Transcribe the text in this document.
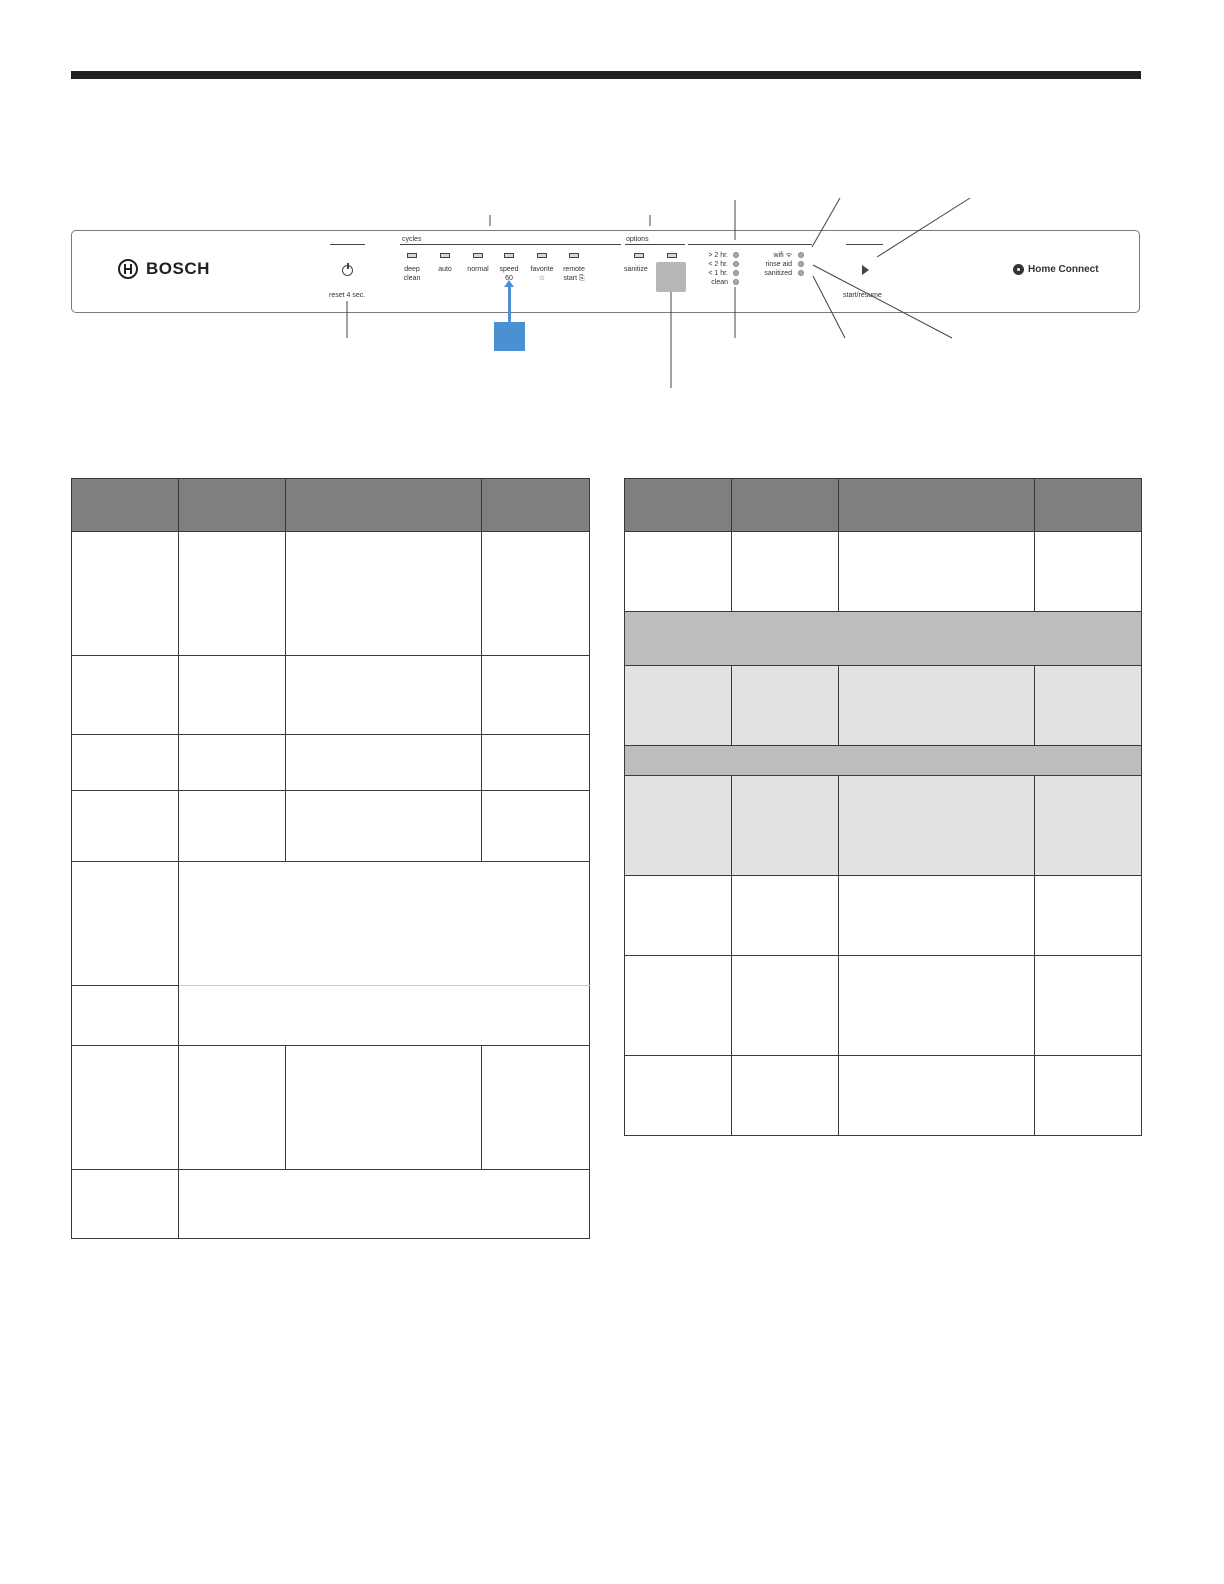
BOSCH
reset 4 sec.
cycles
deep
clean
auto	normal	speed
60
favorite
☆
remote
start ⎘
options
sanitize
> 2 hr.
< 2 hr.
< 1 hr.
clean
wifi ᯤ
rinse aid
sanitized
start/resume
Home Connect
